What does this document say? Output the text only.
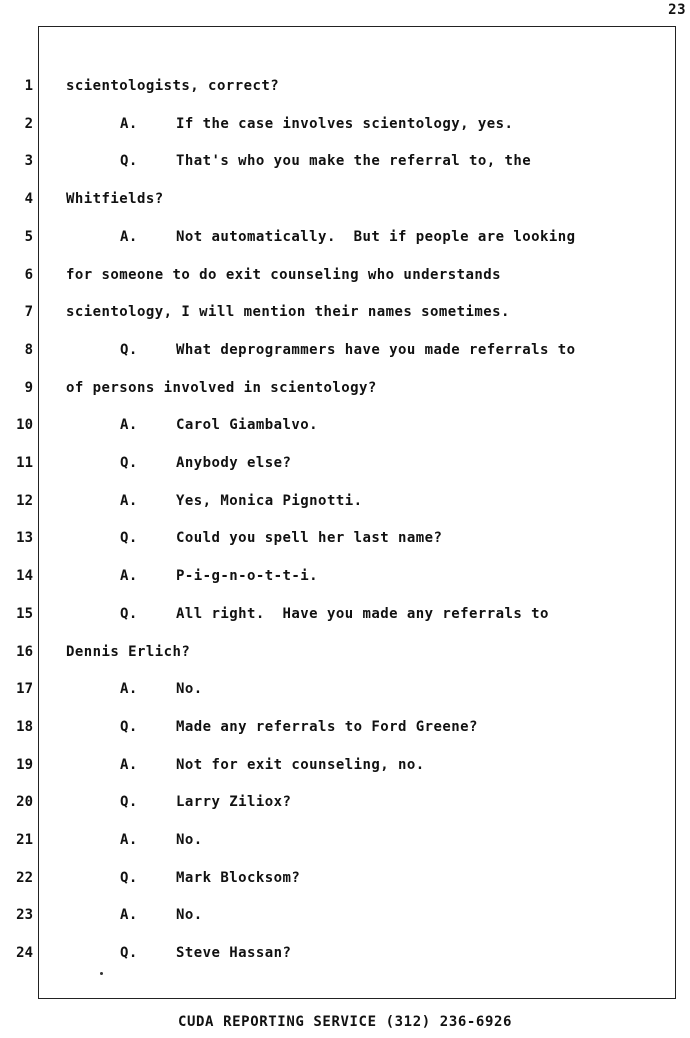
23
1 scientologists, correct?
2	A.	If the case involves scientology, yes.
3	Q.	That's who you make the referral to, the
4 Whitfields?
5	A.	Not automatically.  But if people are looking
6 for someone to do exit counseling who understands
7 scientology, I will mention their names sometimes.
8	Q.	What deprogrammers have you made referrals to
9 of persons involved in scientology?
10	A.	Carol Giambalvo.
11	Q.	Anybody else?
12	A.	Yes, Monica Pignotti.
13	Q.	Could you spell her last name?
14	A.	P-i-g-n-o-t-t-i.
15	Q.	All right.  Have you made any referrals to
16 Dennis Erlich?
17	A.	No.
18	Q.	Made any referrals to Ford Greene?
19	A.	Not for exit counseling, no.
20	Q.	Larry Ziliox?
21	A.	No.
22	Q.	Mark Blocksom?
23	A.	No.
24	Q.	Steve Hassan?
CUDA REPORTING SERVICE (312) 236-6926
